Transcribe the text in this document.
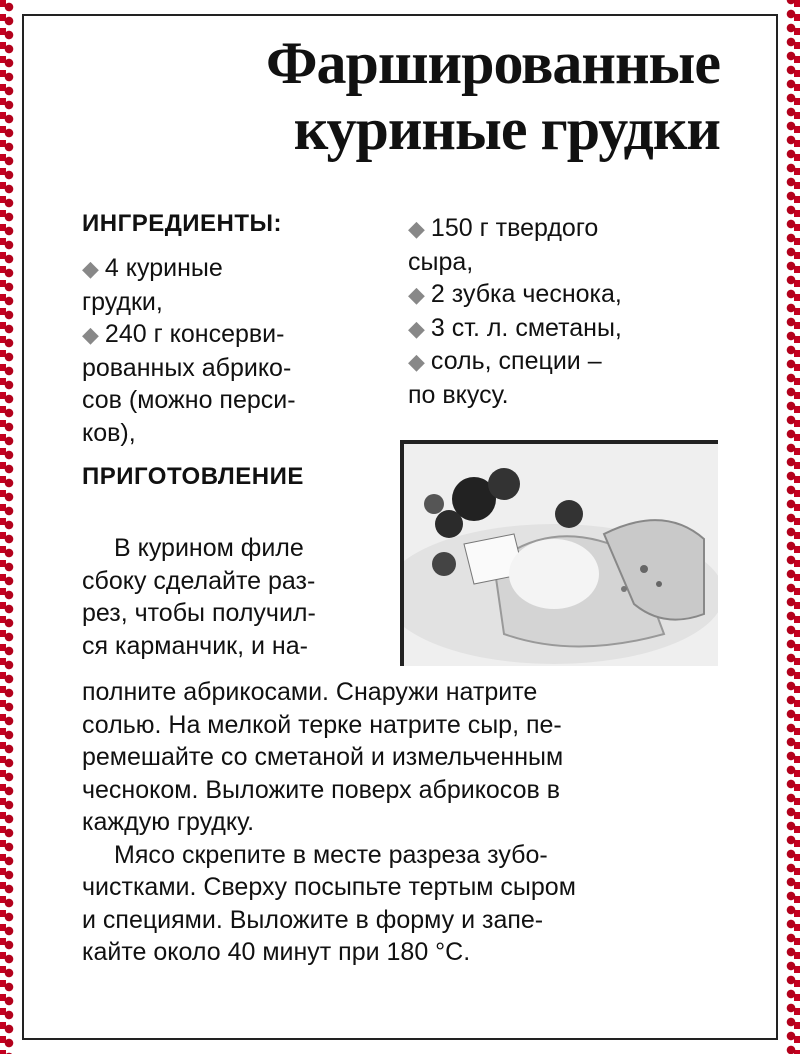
Фаршированные
куриные грудки
ИНГРЕДИЕНТЫ:
◆ 4 куриные
грудки,
◆ 240 г консерви-
рованных абрико-
сов (можно перси-
ков),
ПРИГОТОВЛЕНИЕ
◆ 150 г твердого
сыра,
◆ 2 зубка чеснока,
◆ 3 ст. л. сметаны,
◆ соль, специи –
по вкусу.
В курином филе
сбоку сделайте раз-
рез, чтобы получил-
ся карманчик, и на-
полните абрикосами. Снаружи натрите
солью. На мелкой терке натрите сыр, пе-
ремешайте со сметаной и измельченным
чесноком. Выложите поверх абрикосов в
каждую грудку.
Мясо скрепите в месте разреза зубо-
чистками. Сверху посыпьте тертым сыром
и специями. Выложите в форму и запе-
кайте около 40 минут при 180 °С.
